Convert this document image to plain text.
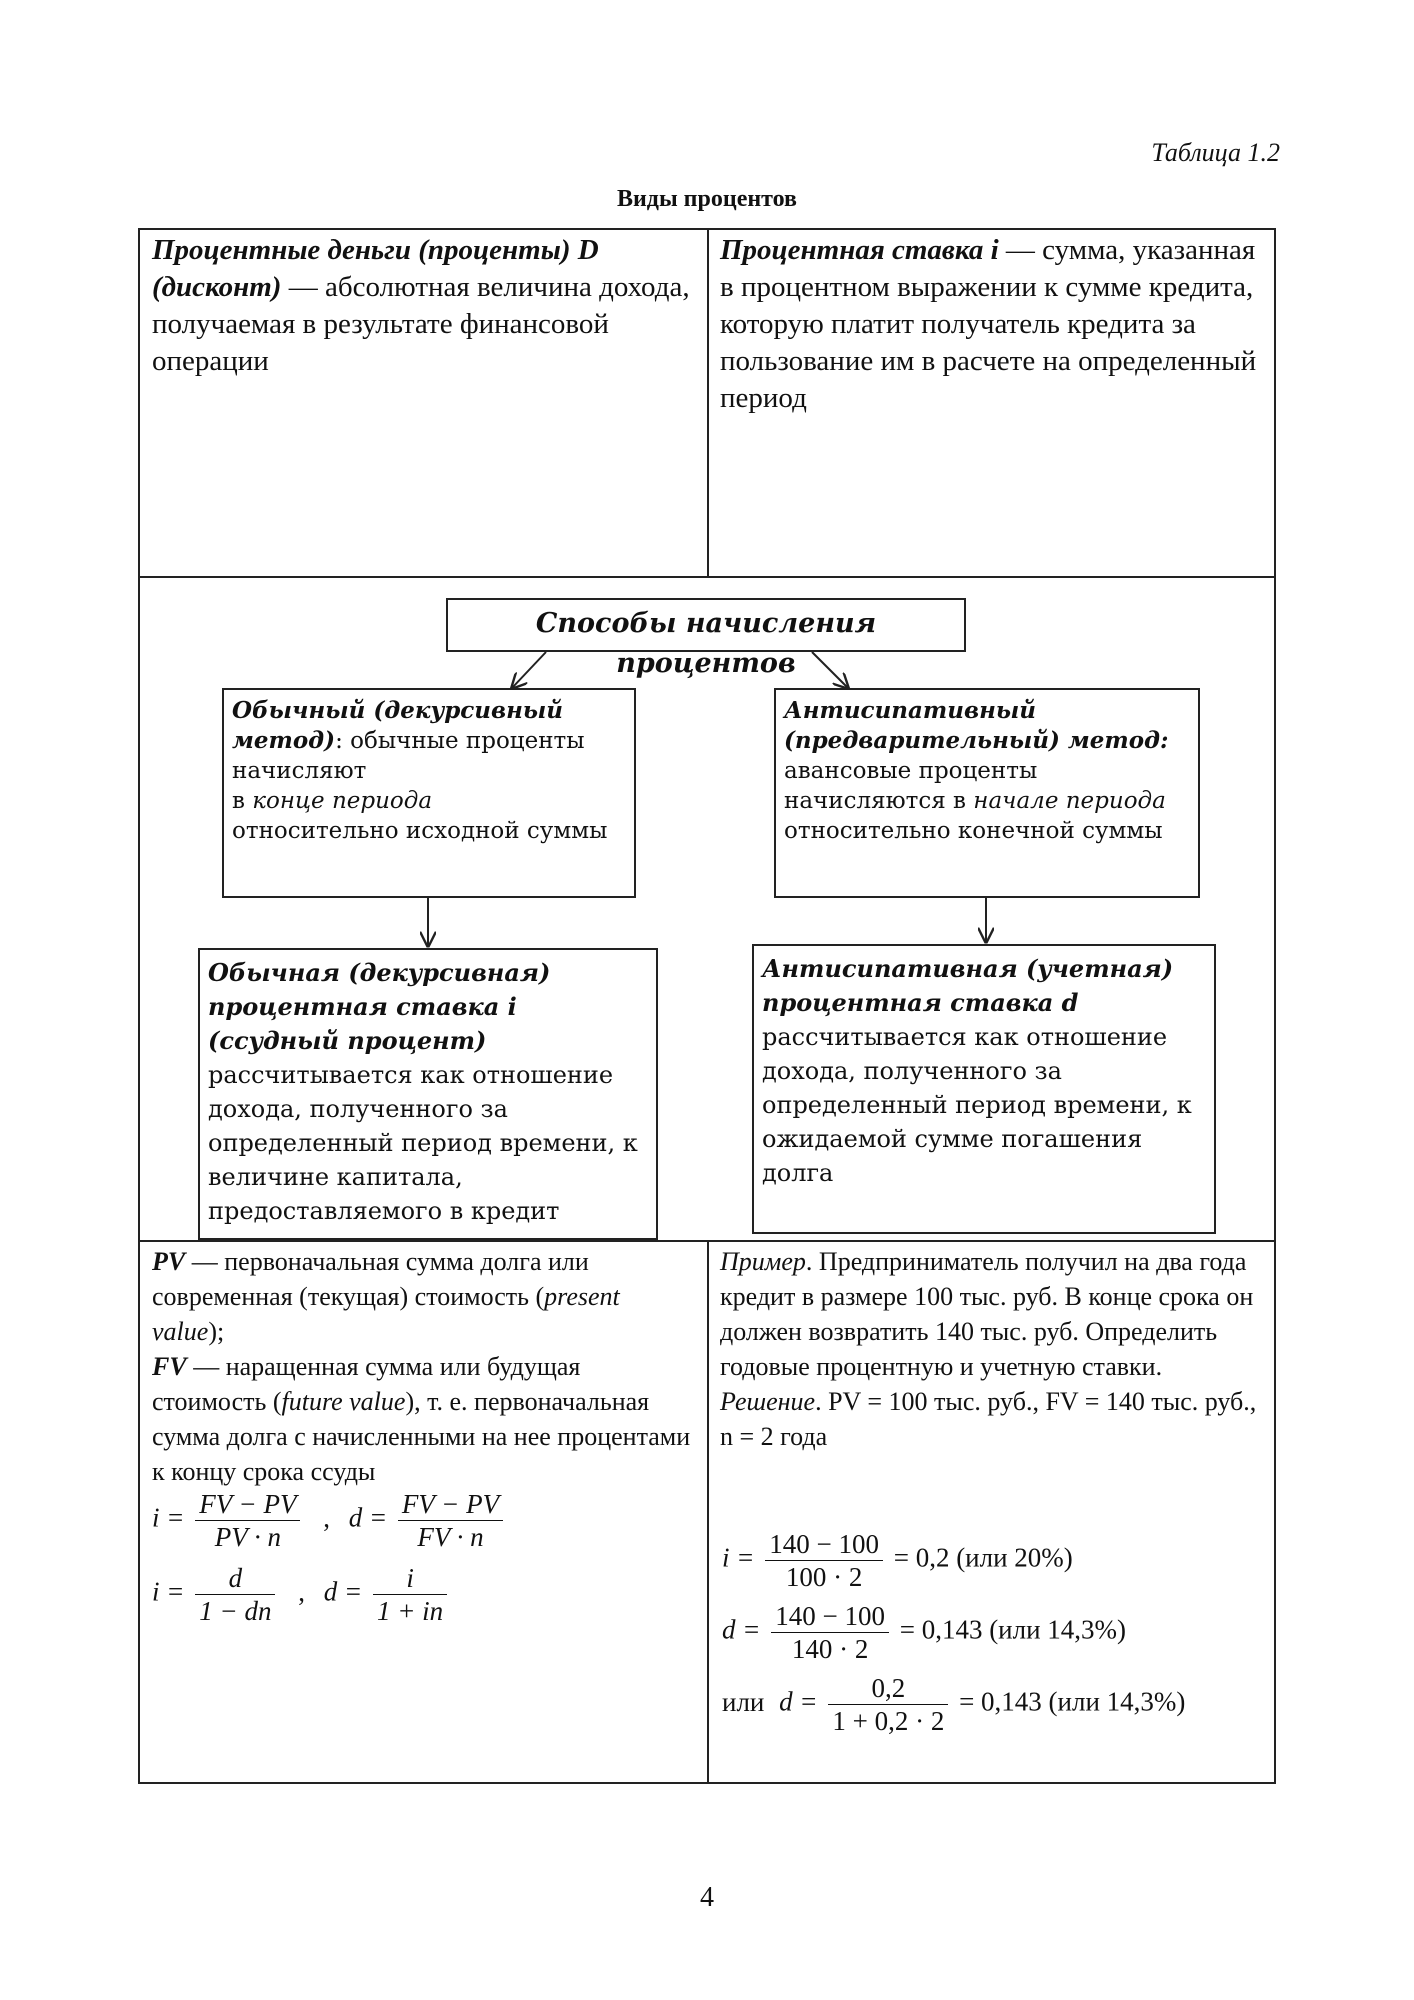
Таблица 1.2
Виды процентов
Процентные деньги (проценты) D (дисконт) — абсолютная величина дохода, получаемая в результате финансовой операции
Процентная ставка i — сумма, указанная в процентном выражении к сумме кредита, которую платит получатель кредита за пользование им в расчете на определенный период
Способы начисления процентов
Обычный (декурсивный метод): обычные проценты начисляют
в конце периода
относительно исходной суммы
Антисипативный (предварительный) метод: авансовые проценты начисляются в начале периода относительно конечной суммы
Обычная (декурсивная) процентная ставка i (ссудный процент)
рассчитывается как отношение дохода, полученного за определенный период времени, к величине капитала, предоставляемого в кредит
Антисипативная (учетная)
процентная ставка d
рассчитывается как отношение дохода, полученного за определенный период времени, к ожидаемой сумме погашения долга
PV — первоначальная сумма долга или современная (текущая) стоимость (present value);
FV — наращенная сумма или будущая стоимость (future value), т. е. первоначальная сумма долга с начисленными на нее процентами к концу срока ссуды
$i = \frac{FV - PV}{PV \cdot n}$ , $d = \frac{FV - PV}{FV \cdot n}$
$i = \frac{d}{1 - dn}$ , $d = \frac{i}{1 + in}$
Пример. Предприниматель получил на два года кредит в размере 100 тыс. руб. В конце срока он должен возвратить 140 тыс. руб. Определить годовые процентную и учетную ставки.
Решение. PV = 100 тыс. руб., FV = 140 тыс. руб., n = 2 года
$i = \frac{140 - 100}{100 \cdot 2} = 0,2$ (или 20%)
$d = \frac{140 - 100}{140 \cdot 2} = 0,143$ (или 14,3%)
или $d = \frac{0,2}{1 + 0,2 \cdot 2} = 0,143$ (или 14,3%)
4
